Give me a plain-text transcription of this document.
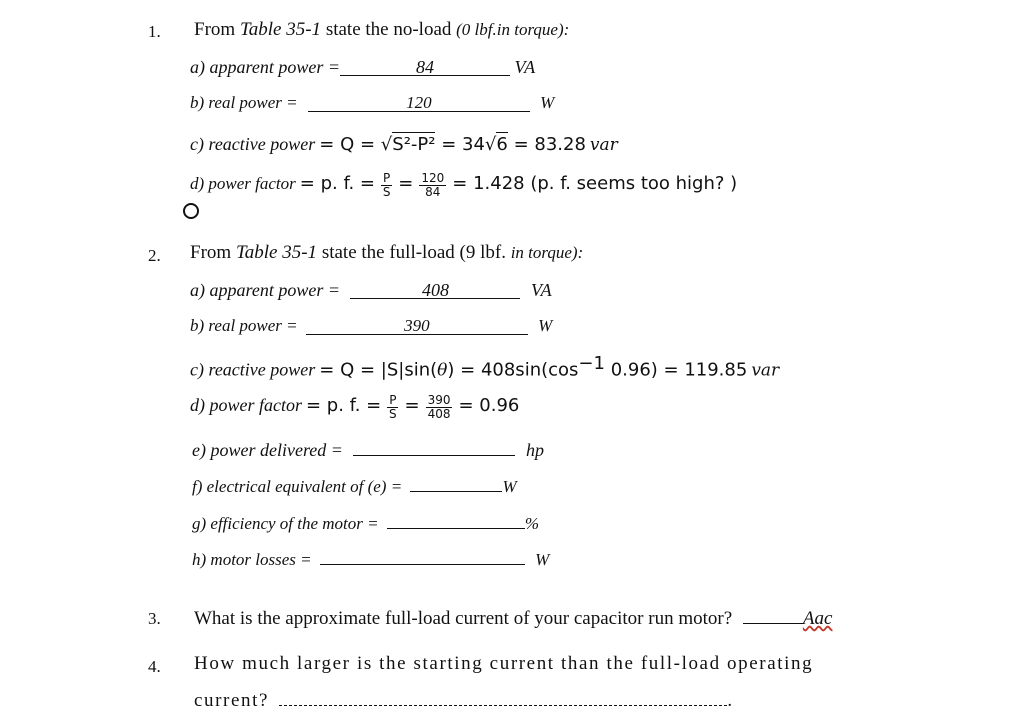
1. From Table 35-1 state the no-load (0 lbf.in torque):
a) apparent power =	84	VA
b) real power =	120	W
c) reactive power = Q = √S²-P² = 34√6 = 83.28 var
d) power factor = p. f. = $\frac{P}{S} = \frac{120}{84} = 1.428$ (p. f. seems too high? )
2. From Table 35-1 state the full-load (9 lbf. in torque):
a) apparent power =	408	VA
b) real power =	390	W
c) reactive power = $Q = |S|\sin(\theta) = 408\sin(\cos^{-1}$ 0.96) = 119.85 var
d) power factor = p. f. = $\frac{P}{S} = \frac{390}{408} = 0.96$
e) power delivered =	hp
f) electrical equivalent of (e) =	W
g) efficiency of the motor =	%
h) motor losses =	W
3. What is the approximate full-load current of your capacitor run motor?	Aac
4. How much larger is the starting current than the full-load operating
current?	.
